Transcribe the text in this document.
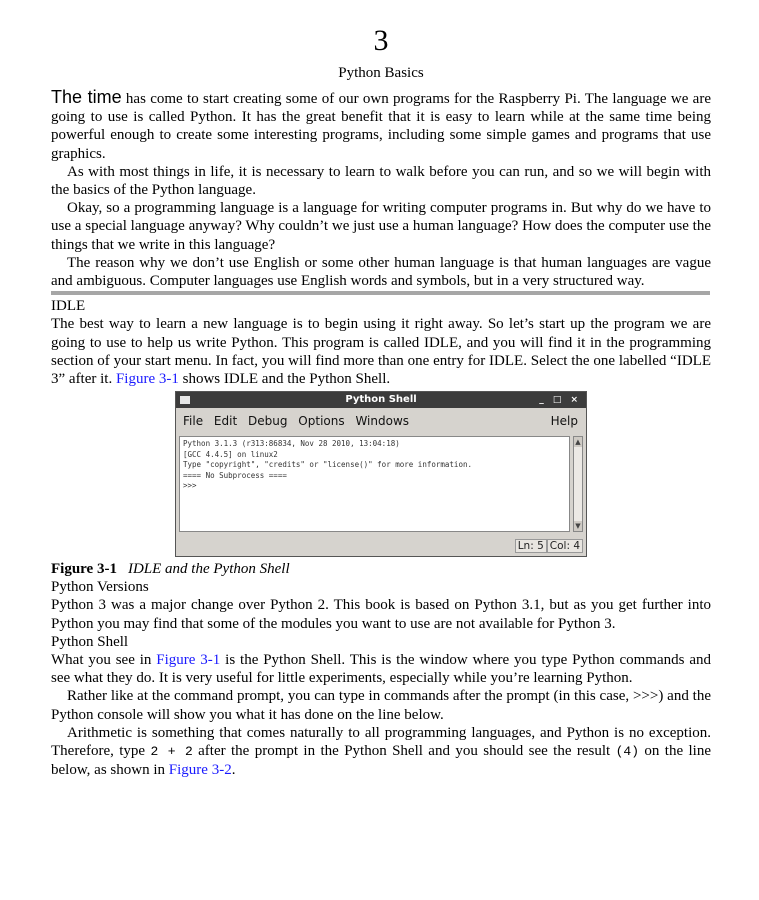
3
Python Basics

The time has come to start creating some of our own programs for the Raspberry Pi. The language we are going to use is called Python. It has the great benefit that it is easy to learn while at the same time being powerful enough to create some interesting programs, including some simple games and programs that use graphics.

As with most things in life, it is necessary to learn to walk before you can run, and so we will begin with the basics of the Python language.

Okay, so a programming language is a language for writing computer programs in. But why do we have to use a special language anyway? Why couldn’t we just use a human language? How does the computer use the things that we write in this language?

The reason why we don’t use English or some other human language is that human languages are vague and ambiguous. Computer languages use English words and symbols, but in a very structured way.

IDLE

The best way to learn a new language is to begin using it right away. So let’s start up the program we are going to use to help us write Python. This program is called IDLE, and you will find it in the programming section of your start menu. In fact, you will find more than one entry for IDLE. Select the one labelled “IDLE 3” after it. Figure 3-1 shows IDLE and the Python Shell.

Python Shell	_ □ ×
File Edit Debug Options Windows	Help
Python 3.1.3 (r313:86834, Nov 28 2010, 13:04:18)
[GCC 4.4.5] on linux2
Type "copyright", "credits" or "license()" for more information.
==== No Subprocess ====
>>>
▲
▼
Ln: 5 Col: 4
Figure 3-1 IDLE and the Python Shell
Python Versions

Python 3 was a major change over Python 2. This book is based on Python 3.1, but as you get further into Python you may find that some of the modules you want to use are not available for Python 3.

Python Shell

What you see in Figure 3-1 is the Python Shell. This is the window where you type Python commands and see what they do. It is very useful for little experiments, especially while you’re learning Python.

Rather like at the command prompt, you can type in commands after the prompt (in this case, >>>) and the Python console will show you what it has done on the line below.

Arithmetic is something that comes naturally to all programming languages, and Python is no exception. Therefore, type 2 + 2 after the prompt in the Python Shell and you should see the result (4) on the line below, as shown in Figure 3-2.
